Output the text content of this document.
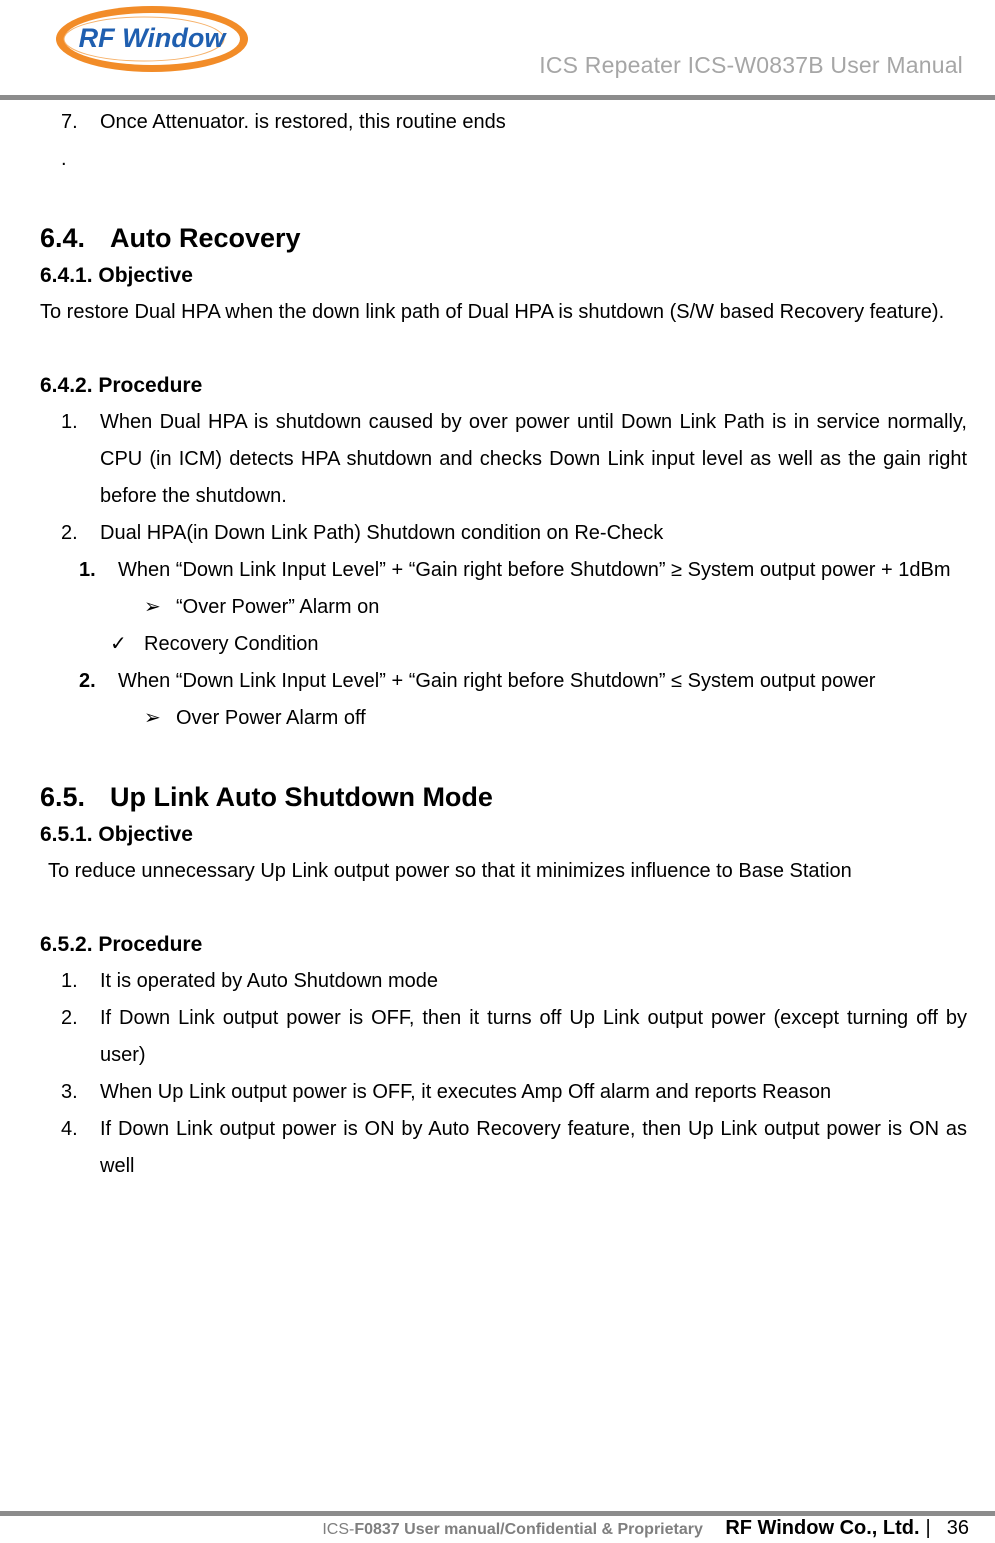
RF Window
ICS Repeater ICS-W0837B User Manual
7.	Once Attenuator. is restored, this routine ends
.
6.4. Auto Recovery
6.4.1. Objective
To restore Dual HPA when the down link path of Dual HPA is shutdown (S/W based Recovery feature).
6.4.2. Procedure
1.	When Dual HPA is shutdown caused by over power until Down Link Path is in service normally, CPU (in ICM) detects HPA shutdown and checks Down Link input level as well as the gain right before the shutdown.
2.	Dual HPA(in Down Link Path) Shutdown condition on Re-Check
1.	When “Down Link Input Level” + “Gain right before Shutdown” ≥ System output power + 1dBm
➢ “Over Power” Alarm on
✓ Recovery Condition
2.	When “Down Link Input Level” + “Gain right before Shutdown” ≤ System output power
➢ Over Power Alarm off
6.5. Up Link Auto Shutdown Mode
6.5.1. Objective
To reduce unnecessary Up Link output power so that it minimizes influence to Base Station
6.5.2. Procedure
1.	It is operated by Auto Shutdown mode
2.	If Down Link output power is OFF, then it turns off Up Link output power (except turning off by user)
3.	When Up Link output power is OFF, it executes Amp Off alarm and reports Reason
4.	If Down Link output power is ON by Auto Recovery feature, then Up Link output power is ON as well
ICS-F0837 User manual/Confidential & Proprietary RF Window Co., Ltd. | 36
